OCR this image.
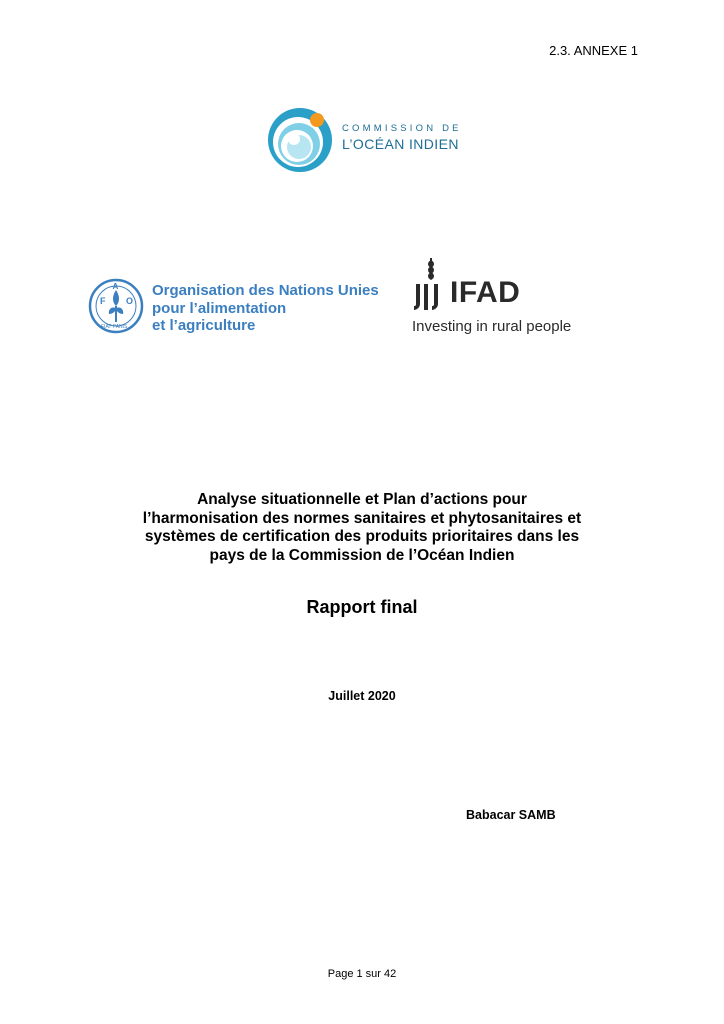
2.3. ANNEXE 1
COMMISSION DE
L’OCÉAN INDIEN
F
A
O
FIAT PANIS
Organisation des Nations Unies
pour l’alimentation
et l’agriculture
IFAD
Investing in rural people
Analyse situationnelle et Plan d’actions pour
l’harmonisation des normes sanitaires et phytosanitaires et
systèmes de certification des produits prioritaires dans les
pays de la Commission de l’Océan Indien
Rapport final
Juillet 2020
Babacar SAMB
Page 1 sur 42
